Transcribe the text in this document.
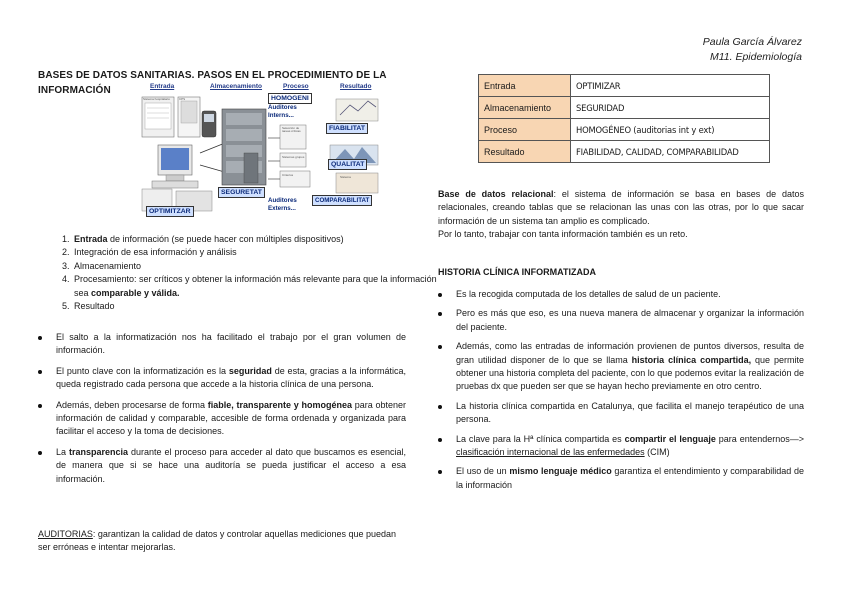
Paula García Álvarez
M11. Epidemiología
BASES DE DATOS SANITARIAS. PASOS EN EL PROCEDIMIENTO DE LA INFORMACIÓN	Entrada	Almacenamiento	Proceso	Resultado
HOMOGENI
Auditores
Interns...
FIABILITAT
QUALITAT
SEGURETAT
COMPARABILITAT
Auditores
Externs...
OPTIMITZAR
Sistema hospitalario	CPS
Selección de tareas críticas
Sistemas grupos
Criterios	Sistema
1. Entrada de información (se puede hacer con múltiples dispositivos)
2. Integración de esa información y análisis
3. Almacenamiento
4. Procesamiento: ser críticos y obtener la información más relevante para que la información sea comparable y válida.
5. Resultado
El salto a la informatización nos ha facilitado el trabajo por el gran volumen de información.
El punto clave con la informatización es la seguridad de esta, gracias a la informática, queda registrado cada persona que accede a la historia clínica de una persona.
Además, deben procesarse de forma fiable, transparente y homogénea para obtener información de calidad y comparable, accesible de forma ordenada y organizada para facilitar el acceso y la toma de decisiones.
La transparencia durante el proceso para acceder al dato que buscamos es esencial, de manera que si se hace una auditoría se pueda justificar el acceso a esa información.
AUDITORIAS: garantizan la calidad de datos y controlar aquellas mediciones que puedan ser erróneas e intentar mejorarlas.
Entrada	OPTIMIZAR
Almacenamiento	SEGURIDAD
Proceso	HOMOGÉNEO (auditorias int y ext)
Resultado	FIABILIDAD, CALIDAD, COMPARABILIDAD
Base de datos relacional: el sistema de información se basa en bases de datos relacionales, creando tablas que se relacionan las unas con las otras, por lo que sacar información de un sistema tan amplio es complicado.
Por lo tanto, trabajar con tanta información también es un reto.
HISTORIA CLÍNICA INFORMATIZADA
Es la recogida computada de los detalles de salud de un paciente.
Pero es más que eso, es una nueva manera de almacenar y organizar la información del paciente.
Además, como las entradas de información provienen de puntos diversos, resulta de gran utilidad disponer de lo que se llama historia clínica compartida, que permite obtener una historia completa del paciente, con lo que podemos evitar la realización de pruebas dx que pueden ser que se hayan hecho previamente en otro centro.
La historia clínica compartida en Catalunya, que facilita el manejo terapéutico de una persona.
La clave para la Hª clínica compartida es compartir el lenguaje para entendernos—> clasificación internacional de las enfermedades (CIM)
El uso de un mismo lenguaje médico garantiza el entendimiento y comparabilidad de la información
